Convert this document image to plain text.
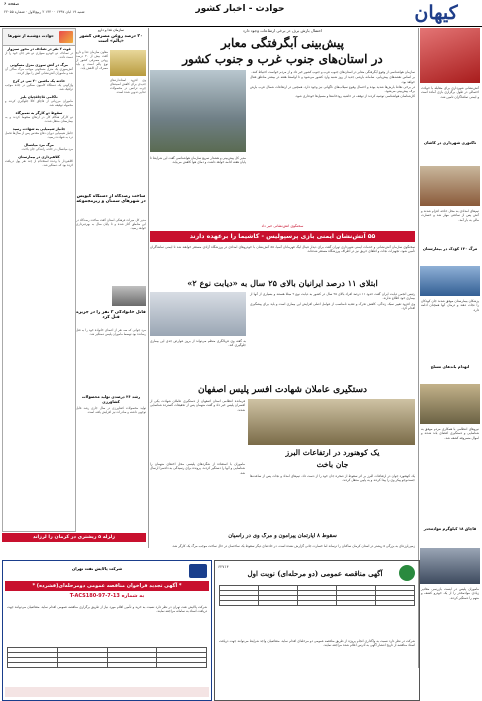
کیهان
حوادث - اخبار کشور
صفحه ۶
شنبه ۱۹ آبان ۱۳۹۷ · ۱۴۴۰ ۲ ربیع‌الاول · شماره ۲۲۰۵۵

آتش‌نشانی شهرداری برای مقابله با حوادث احتمالی در طول برگزاری بازی آماده است و ایمنی تماشاگران تامین شد.

تاکتوری شهرداری در کاشان

تیم‌های امدادی به محل حادثه اعزام شدند و آتش پس از ساعتی مهار شد و خسارت مالی به بار آمد.

مرگ ۱۳۰ کودک در بیمارستان

پزشکان بیمارستان موفق شدند جان کودکان را نجات دهند و درمان آنها همچنان ادامه دارد.

انهدام باندهای مسلح

نیروهای انتظامی با همکاری مردم موفق به شناسایی و دستگیری اعضای باند شدند و اموال مسروقه کشف شد.

قاچاق ۱۸ کیلوگرم موادمخدر

ماموران پلیس در ایست بازرسی مقادیر زیادی موادمخدر را از یک خودرو کشف و متهم را دستگیر کردند.

احتمال بارش برف در برخی ارتفاعات وجود دارد
پیش‌بینی آبگرفتگی معابر
در استان‌های جنوب غرب و جنوب کشور

سازمان هواشناسی از وقوع آبگرفتگی معابر در استان‌های جنوب غرب و جنوب کشور خبر داد و از مردم خواست احتیاط کنند.

بر اساس نقشه‌های پیش‌یابی، سامانه بارشی جدید از روز شنبه وارد کشور می‌شود و تا اواسط هفته در بیشتر مناطق فعال خواهد بود.

در برخی نقاط بارش‌ها شدید بوده و احتمال وقوع سیلاب‌های ناگهانی نیز وجود دارد. همچنین در ارتفاعات شمال غرب بارش برف پیش‌بینی می‌شود.

کارشناسان هواشناسی توصیه کردند از توقف در حاشیه رودخانه‌ها و مسیل‌ها خودداری شود.

مدیر کل پیش‌بینی و هشدار سریع سازمان هواشناسی گفت این شرایط تا پایان هفته ادامه خواهد داشت و دمای هوا کاهش می‌یابد.

سخنگوی آتش‌نشانی خبر داد
۵۵ آتش‌نشان ایمنی بازی پرسپولیس - کاشیما را برعهده دارند

سخنگوی سازمان آتش‌نشانی و خدمات ایمنی شهرداری تهران گفت برای دیدار فینال لیگ قهرمانان آسیا، ۵۵ آتش‌نشان با خودروهای امدادی در ورزشگاه آزادی مستقر خواهند شد تا ایمنی تماشاگران تأمین شود. تجهیزات نجات و اطفای حریق نیز در اطراف ورزشگاه مستقر شده‌اند.

ابتلای ۱۱ درصد ایرانیان بالای ۲۵ سال به «دیابت نوع ۲»

رئیس انجمن دیابت ایران گفت حدود ۱۱ درصد افراد بالای ۲۵ سال در کشور به دیابت نوع ۲ مبتلا هستند و بسیاری از آنها از بیماری خود اطلاع ندارند.

وی افزود تغییر سبک زندگی، کاهش تحرک و تغذیه نامناسب از عوامل اصلی افزایش این بیماری است و باید برای پیشگیری اقدام کرد.

به گفته وی غربالگری منظم می‌تواند از بروز عوارض جدی این بیماری جلوگیری کند.

دستگیری عاملان شهادت افسر پلیس اصفهان

فرمانده انتظامی استان اصفهان از دستگیری عاملان شهادت یکی از افسران پلیس خبر داد و گفت متهمان پس از تحقیقات گسترده شناسایی شدند.

یک کوهنورد در ارتفاعات البرز
جان باخت

یک کوهنورد جوان در ارتفاعات البرز بر اثر سقوط از صخره جان خود را از دست داد. تیم‌های امداد و نجات پس از ساعت‌ها جست‌وجو پیکر وی را پیدا کردند و به پایین منتقل کردند.

ماموران با استفاده از شگردهای پلیسی محل اختفای متهمان را شناسایی و آنها را دستگیر کردند. پرونده برای رسیدگی به دادسرا ارسال شد.

سازمان غذا و دارو
۳۰ درصد روغن مصرفی کشور «پالم» است
معاون سازمان غذا و دارو گفت بیش از ۳۰ درصد روغن مصرفی کشور از نوع پالم است و باید مصرف آن کاهش یابد.
وی افزود استانداردهای جدیدی برای کاهش اسیدهای چرب ترانس در محصولات غذایی تدوین شده است.
ساخت رصدگاه از دستگاه کیوبس در شهرهای سمنان و زیرمجموعه
مدیر کل میراث فرهنگی استان گفت ساخت رصدگاه در این مناطق آغاز شده و تا پایان سال به بهره‌برداری خواهد رسید.
قاتل خانوادگی ۳ نفر را در جزیره قتل کرد
مرد جوانی که سه نفر از اعضای خانواده خود را به قتل رسانده بود توسط ماموران پلیس دستگیر شد.
رشد ۳۶ درصدی تولید محصولات کشاورزی
تولید محصولات کشاورزی در سال جاری رشد قابل توجهی داشته و صادرات نیز افزایش یافته است.
حوادث دوشنبه از شهرها
فوت ۲ نفر در تصادف در محور سبزوار
در تصادف دو خودرو سواری دو نفر جان خود را از دست دادند.
مرگ در آتش سوزی منزل مسکونی
آتش‌سوزی یک منزل مسکونی موجب مرگ ساکن آن شد و ماموران آتش‌نشانی آتش را مهار کردند.
حادثه یک ماشین ۳۰ تنی در کرج
واژگونی یک دستگاه کامیون سنگین در جاده موجب ترافیک شد.
ناکامی قاچاقچیان بلیز
ماموران مرزبانی از قاچاق کالا جلوگیری کردند و محموله توقیف شد.
سقوط دو کارگر به تعمیرگاه
دو کارگر هنگام کار در ارتفاع سقوط کردند و به بیمارستان منتقل شدند.
جانباز شیمیایی به شهادت رسید
جانباز شیمیایی دوران دفاع مقدس پس از سال‌ها تحمل درد به شهادت رسید.
مرگ مرد میانسال
مرد میانسال در حادثه رانندگی جان باخت.
کلاهبرداری در بیمارستان
کلاهبردار با وعده استخدام از چند نفر پول دریافت کرده بود که دستگیر شد.
زلزله ۵ ریشتری در کرمان را لرزاند	سقوط ۸ آپارتمان پیرامون و مرگ وی در راسیان

زمین‌لرزه‌ای به بزرگی ۵ ریشتر در استان کرمان ساکنان را ترساند اما خسارت جانی گزارش نشده است. در حادثه‌ای دیگر سقوط یک ساختمان در حال ساخت موجب مرگ یک کارگر شد.

شرکت پالایش نفت تهران
* آگهی تجدید فراخوان مناقصه عمومی دومرحله‌ای(فشرده) *
به شماره T-ACS180-97-7-13

شرکت پالایش نفت تهران در نظر دارد نسبت به خرید و تأمین اقلام مورد نیاز از طریق برگزاری مناقصه عمومی اقدام نماید. متقاضیان می‌توانند جهت دریافت اسناد به سامانه مراجعه نمایند.

۶۲۷۱۴
آگهی مناقصه عمومی (دو مرحله‌ای) نوبت اول

شرکت در نظر دارد نسبت به واگذاری انجام پروژه از طریق مناقصه عمومی دو مرحله‌ای اقدام نماید. متقاضیان واجد شرایط می‌توانند جهت دریافت اسناد مناقصه از تاریخ انتشار آگهی به آدرس اعلام شده مراجعه نمایند.
